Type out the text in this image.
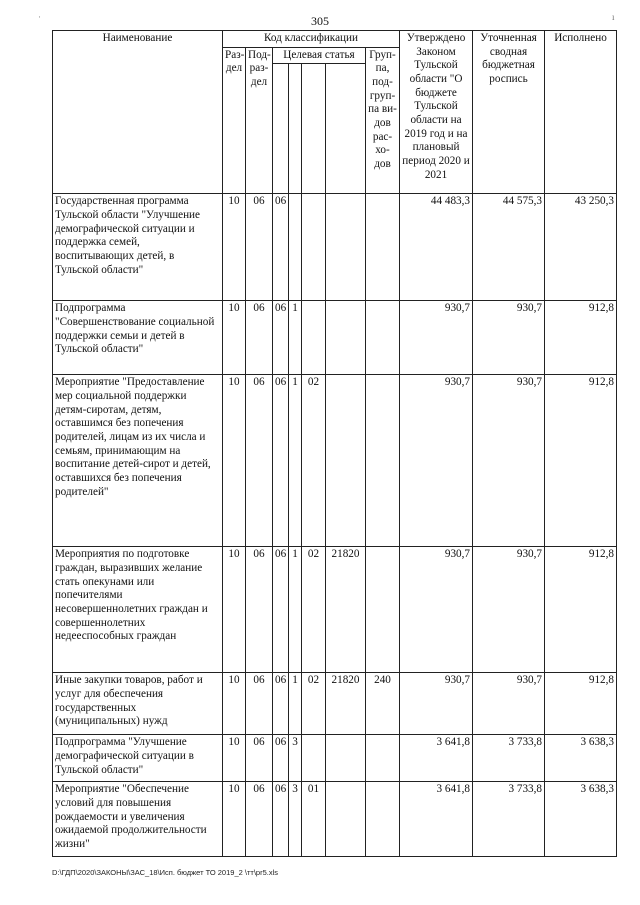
·	305	ı
Наименование	Код классификации							Утверждено Законом Тульской области "О бюджете Тульской области на 2019 год и на плановый период 2020 и 2021	Уточненная сводная бюджетная роспись	Исполнено
	Раз-дел	Под-раз-дел	Целевая статья				Груп-па, под-груп-па ви-дов рас-хо-дов			

Государственная программа Тульской области "Улучшение демографической ситуации и поддержка семей, воспитывающих детей, в Тульской области"	10	06	06					44 483,3	44 575,3	43 250,3
Подпрограмма "Совершенствование социальной поддержки семьи и детей в Тульской области"	10	06	06	1				930,7	930,7	912,8
Мероприятие "Предоставление мер социальной поддержки детям-сиротам, детям, оставшимся без попечения родителей, лицам из их числа и семьям, принимающим на воспитание детей-сирот и детей, оставшихся без попечения родителей"	10	06	06	1	02			930,7	930,7	912,8
Мероприятия по подготовке граждан, выразивших желание стать опекунами или попечителями несовершеннолетних граждан и совершеннолетних недееспособных граждан	10	06	06	1	02	21820		930,7	930,7	912,8
Иные закупки товаров, работ и услуг для обеспечения государственных (муниципальных) нужд	10	06	06	1	02	21820	240	930,7	930,7	912,8
Подпрограмма "Улучшение демографической ситуации в Тульской области"	10	06	06	3				3 641,8	3 733,8	3 638,3
Мероприятие "Обеспечение условий для повышения рождаемости и увеличения ожидаемой продолжительности жизни"	10	06	06	3	01			3 641,8	3 733,8	3 638,3
D:\ГДП\2020\ЗАКОНЫ\ЗАС_18\Исп. бюджет ТО 2019_2 \тт\pr5.xls
